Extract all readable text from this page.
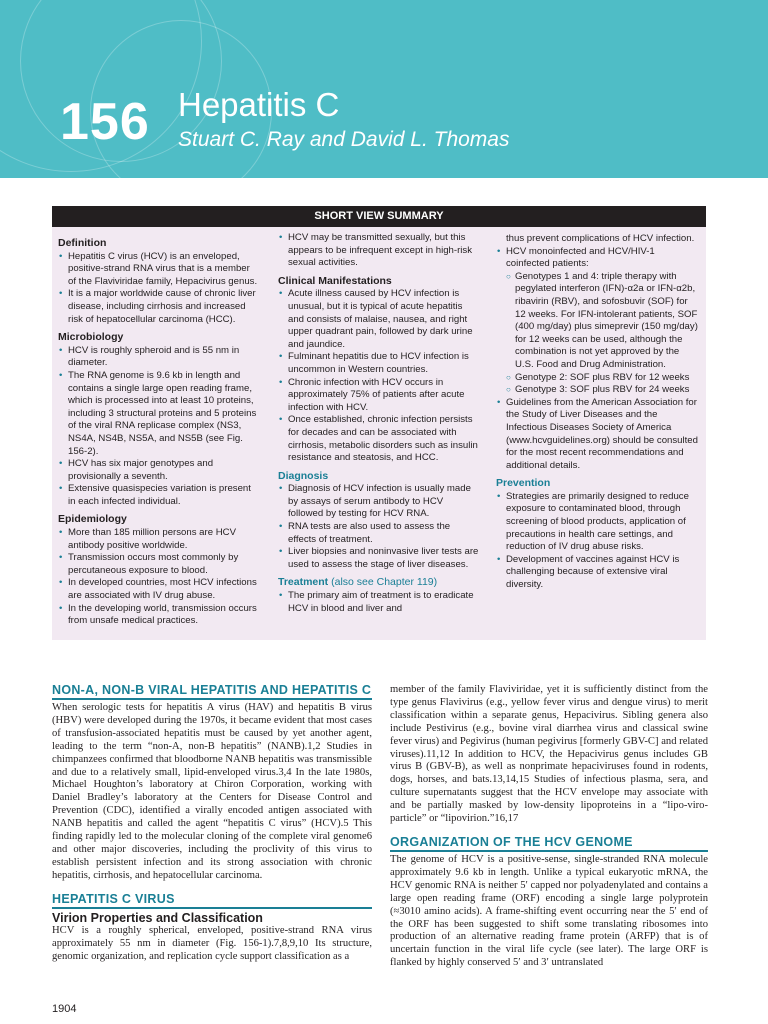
156 Hepatitis C
Stuart C. Ray and David L. Thomas
SHORT VIEW SUMMARY
Definition
• Hepatitis C virus (HCV) is an enveloped, positive-strand RNA virus that is a member of the Flaviviridae family, Hepacivirus genus.
• It is a major worldwide cause of chronic liver disease, including cirrhosis and increased risk of hepatocellular carcinoma (HCC).
Microbiology
• HCV is roughly spheroid and is 55 nm in diameter.
• The RNA genome is 9.6 kb in length and contains a single large open reading frame, which is processed into at least 10 proteins, including 3 structural proteins and 5 proteins of the viral RNA replicase complex (NS3, NS4A, NS4B, NS5A, and NS5B (see Fig. 156-2).
• HCV has six major genotypes and provisionally a seventh.
• Extensive quasispecies variation is present in each infected individual.
Epidemiology
• More than 185 million persons are HCV antibody positive worldwide.
• Transmission occurs most commonly by percutaneous exposure to blood.
• In developed countries, most HCV infections are associated with IV drug abuse.
• In the developing world, transmission occurs from unsafe medical practices.
• HCV may be transmitted sexually, but this appears to be infrequent except in high-risk sexual activities.
Clinical Manifestations
• Acute illness caused by HCV infection is unusual, but it is typical of acute hepatitis and consists of malaise, nausea, and right upper quadrant pain, followed by dark urine and jaundice.
• Fulminant hepatitis due to HCV infection is uncommon in Western countries.
• Chronic infection with HCV occurs in approximately 75% of patients after acute infection with HCV.
• Once established, chronic infection persists for decades and can be associated with cirrhosis, metabolic disorders such as insulin resistance and steatosis, and HCC.
Diagnosis
• Diagnosis of HCV infection is usually made by assays of serum antibody to HCV followed by testing for HCV RNA.
• RNA tests are also used to assess the effects of treatment.
• Liver biopsies and noninvasive liver tests are used to assess the stage of liver diseases.
Treatment (also see Chapter 119)
• The primary aim of treatment is to eradicate HCV in blood and liver and

thus prevent complications of HCV infection.

• HCV monoinfected and HCV/HIV-1 coinfected patients:
○ Genotypes 1 and 4: triple therapy with pegylated interferon (IFN)-α2a or IFN-α2b, ribavirin (RBV), and sofosbuvir (SOF) for 12 weeks. For IFN-intolerant patients, SOF (400 mg/day) plus simeprevir (150 mg/day) for 12 weeks can be used, although the combination is not yet approved by the U.S. Food and Drug Administration.
○ Genotype 2: SOF plus RBV for 12 weeks
○ Genotype 3: SOF plus RBV for 24 weeks
• Guidelines from the American Association for the Study of Liver Diseases and the Infectious Diseases Society of America (www.hcvguidelines.org) should be consulted for the most recent recommendations and additional details.
Prevention
• Strategies are primarily designed to reduce exposure to contaminated blood, through screening of blood products, application of precautions in health care settings, and reduction of IV drug abuse risks.
• Development of vaccines against HCV is challenging because of extensive viral diversity.
NON-A, NON-B VIRAL HEPATITIS AND HEPATITIS C

When serologic tests for hepatitis A virus (HAV) and hepatitis B virus (HBV) were developed during the 1970s, it became evident that most cases of transfusion-associated hepatitis must be caused by yet another agent, leading to the term “non-A, non-B hepatitis” (NANB).1,2 Studies in chimpanzees confirmed that bloodborne NANB hepatitis was transmissible and due to a relatively small, lipid-enveloped virus.3,4 In the late 1980s, Michael Houghton’s laboratory at Chiron Corporation, working with Daniel Bradley’s laboratory at the Centers for Disease Control and Prevention (CDC), identified a virally encoded antigen associated with NANB hepatitis and called the agent “hepatitis C virus” (HCV).5 This finding rapidly led to the molecular cloning of the complete viral genome6 and other major discoveries, including the proclivity of this virus to establish persistent infection and its strong association with chronic hepatitis, cirrhosis, and hepatocellular carcinoma.

HEPATITIS C VIRUS
Virion Properties and Classification

HCV is a roughly spherical, enveloped, positive-strand RNA virus approximately 55 nm in diameter (Fig. 156-1).7,8,9,10 Its structure, genomic organization, and replication cycle support classification as a

member of the family Flaviviridae, yet it is sufficiently distinct from the type genus Flavivirus (e.g., yellow fever virus and dengue virus) to merit classification within a separate genus, Hepacivirus. Sibling genera also include Pestivirus (e.g., bovine viral diarrhea virus and classical swine fever virus) and Pegivirus (human pegivirus [formerly GBV-C] and related viruses).11,12 In addition to HCV, the Hepacivirus genus includes GB virus B (GBV-B), as well as nonprimate hepaciviruses found in rodents, dogs, horses, and bats.13,14,15 Studies of infectious plasma, sera, and culture supernatants suggest that the HCV envelope may associate with and be partially masked by low-density lipoproteins in a “lipo-viro-particle” or “lipovirion.”16,17

ORGANIZATION OF THE HCV GENOME

The genome of HCV is a positive-sense, single-stranded RNA molecule approximately 9.6 kb in length. Unlike a typical eukaryotic mRNA, the HCV genomic RNA is neither 5′ capped nor polyadenylated and contains a large open reading frame (ORF) encoding a single large polyprotein (≈3010 amino acids). A frame-shifting event occurring near the 5′ end of the ORF has been suggested to shift some translating ribosomes into production of an alternative reading frame protein (ARFP) that is of uncertain function in the viral life cycle (see later). The large ORF is flanked by highly conserved 5′ and 3′ untranslated

1904
